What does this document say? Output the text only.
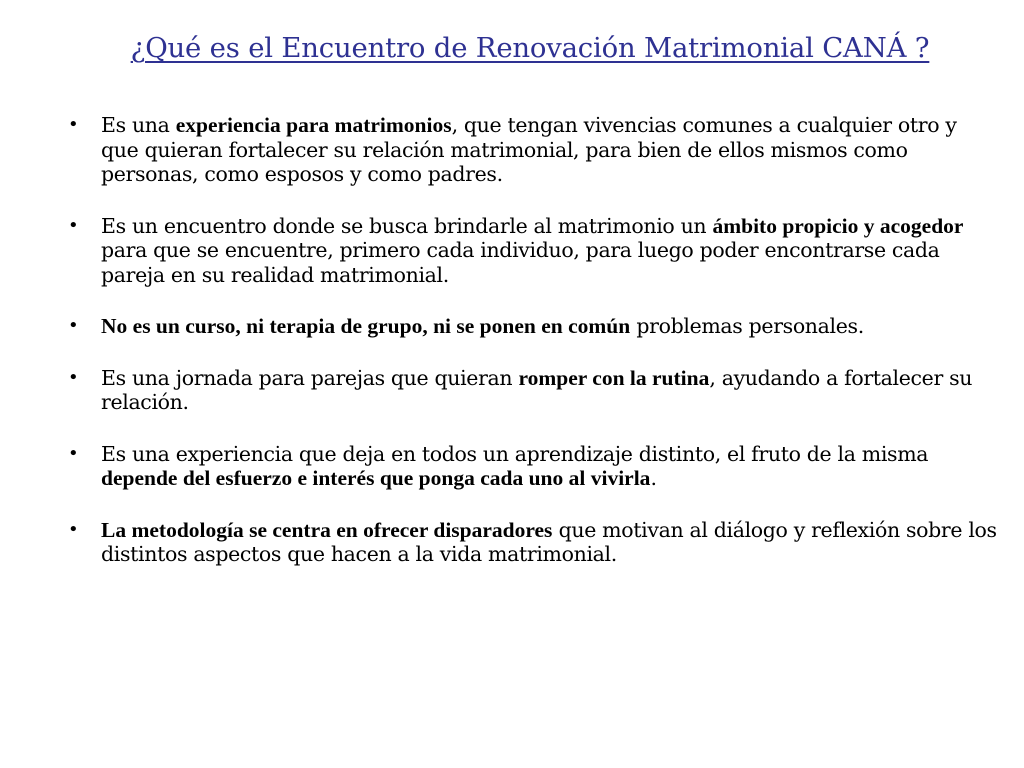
¿Qué es el Encuentro de Renovación Matrimonial CANÁ ?
• Es una experiencia para matrimonios, que tengan vivencias comunes a cualquier otro y que quieran fortalecer su relación matrimonial, para bien de ellos mismos como personas, como esposos y como padres.
• Es un encuentro donde se busca brindarle al matrimonio un ámbito propicio y acogedor para que se encuentre, primero cada individuo, para luego poder encontrarse cada pareja en su realidad matrimonial.
• No es un curso, ni terapia de grupo, ni se ponen en común problemas personales.
• Es una jornada para parejas que quieran romper con la rutina, ayudando a fortalecer su relación.
• Es una experiencia que deja en todos un aprendizaje distinto, el fruto de la misma depende del esfuerzo e interés que ponga cada uno al vivirla.
• La metodología se centra en ofrecer disparadores que motivan al diálogo y reflexión sobre los distintos aspectos que hacen a la vida matrimonial.
